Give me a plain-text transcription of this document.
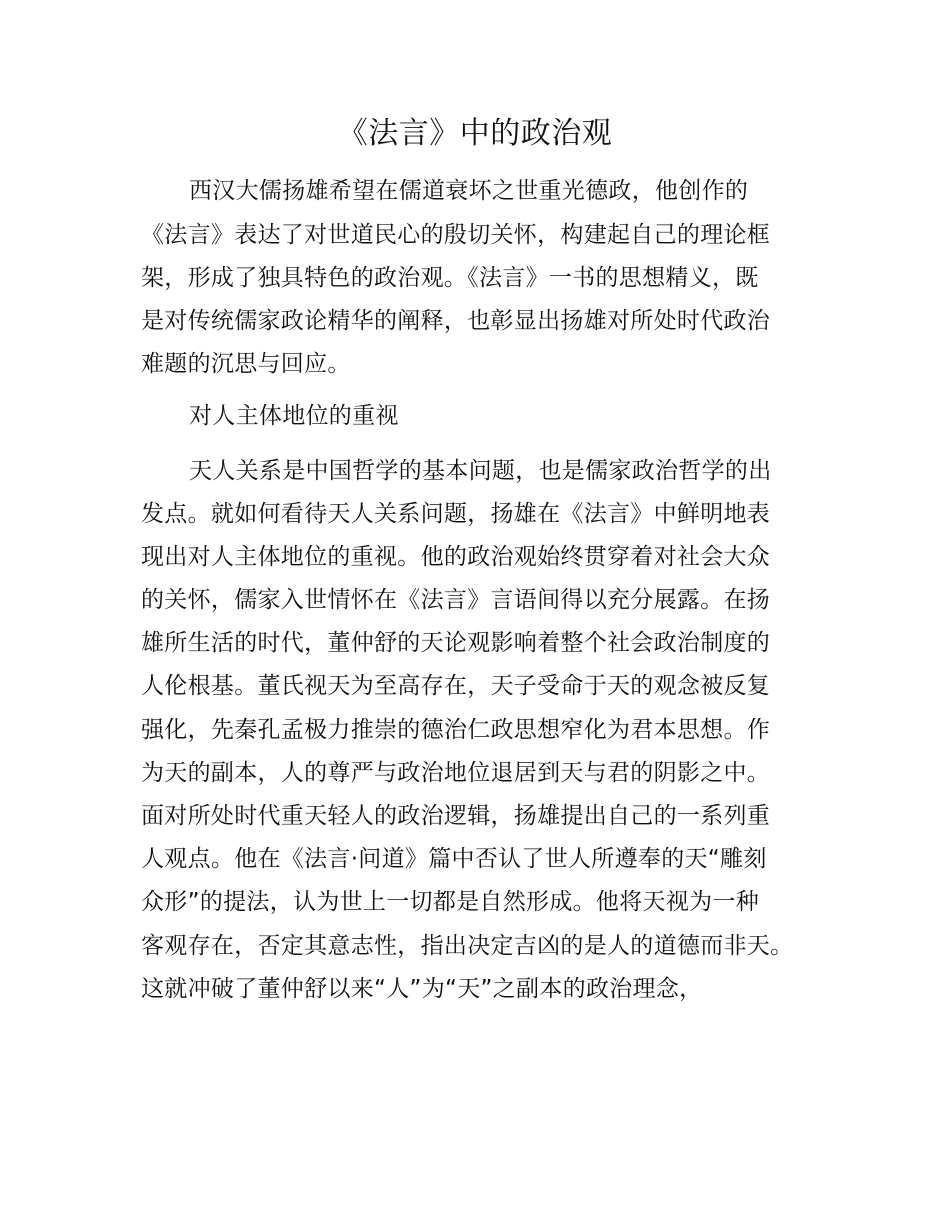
《法言》中的政治观

西汉大儒扬雄希望在儒道衰坏之世重光德政，他创作的

《法言》表达了对世道民心的殷切关怀，构建起自己的理论框

架，形成了独具特色的政治观。《法言》一书的思想精义，既

是对传统儒家政论精华的阐释，也彰显出扬雄对所处时代政治

难题的沉思与回应。

对人主体地位的重视

天人关系是中国哲学的基本问题，也是儒家政治哲学的出

发点。就如何看待天人关系问题，扬雄在《法言》中鲜明地表

现出对人主体地位的重视。他的政治观始终贯穿着对社会大众

的关怀，儒家入世情怀在《法言》言语间得以充分展露。在扬

雄所生活的时代，董仲舒的天论观影响着整个社会政治制度的

人伦根基。董氏视天为至高存在，天子受命于天的观念被反复

强化，先秦孔孟极力推崇的德治仁政思想窄化为君本思想。作

为天的副本，人的尊严与政治地位退居到天与君的阴影之中。

面对所处时代重天轻人的政治逻辑，扬雄提出自己的一系列重

人观点。他在《法言·问道》篇中否认了世人所遵奉的天“雕刻

众形”的提法，认为世上一切都是自然形成。他将天视为一种

客观存在，否定其意志性，指出决定吉凶的是人的道德而非天。

这就冲破了董仲舒以来“人”为“天”之副本的政治理念，
